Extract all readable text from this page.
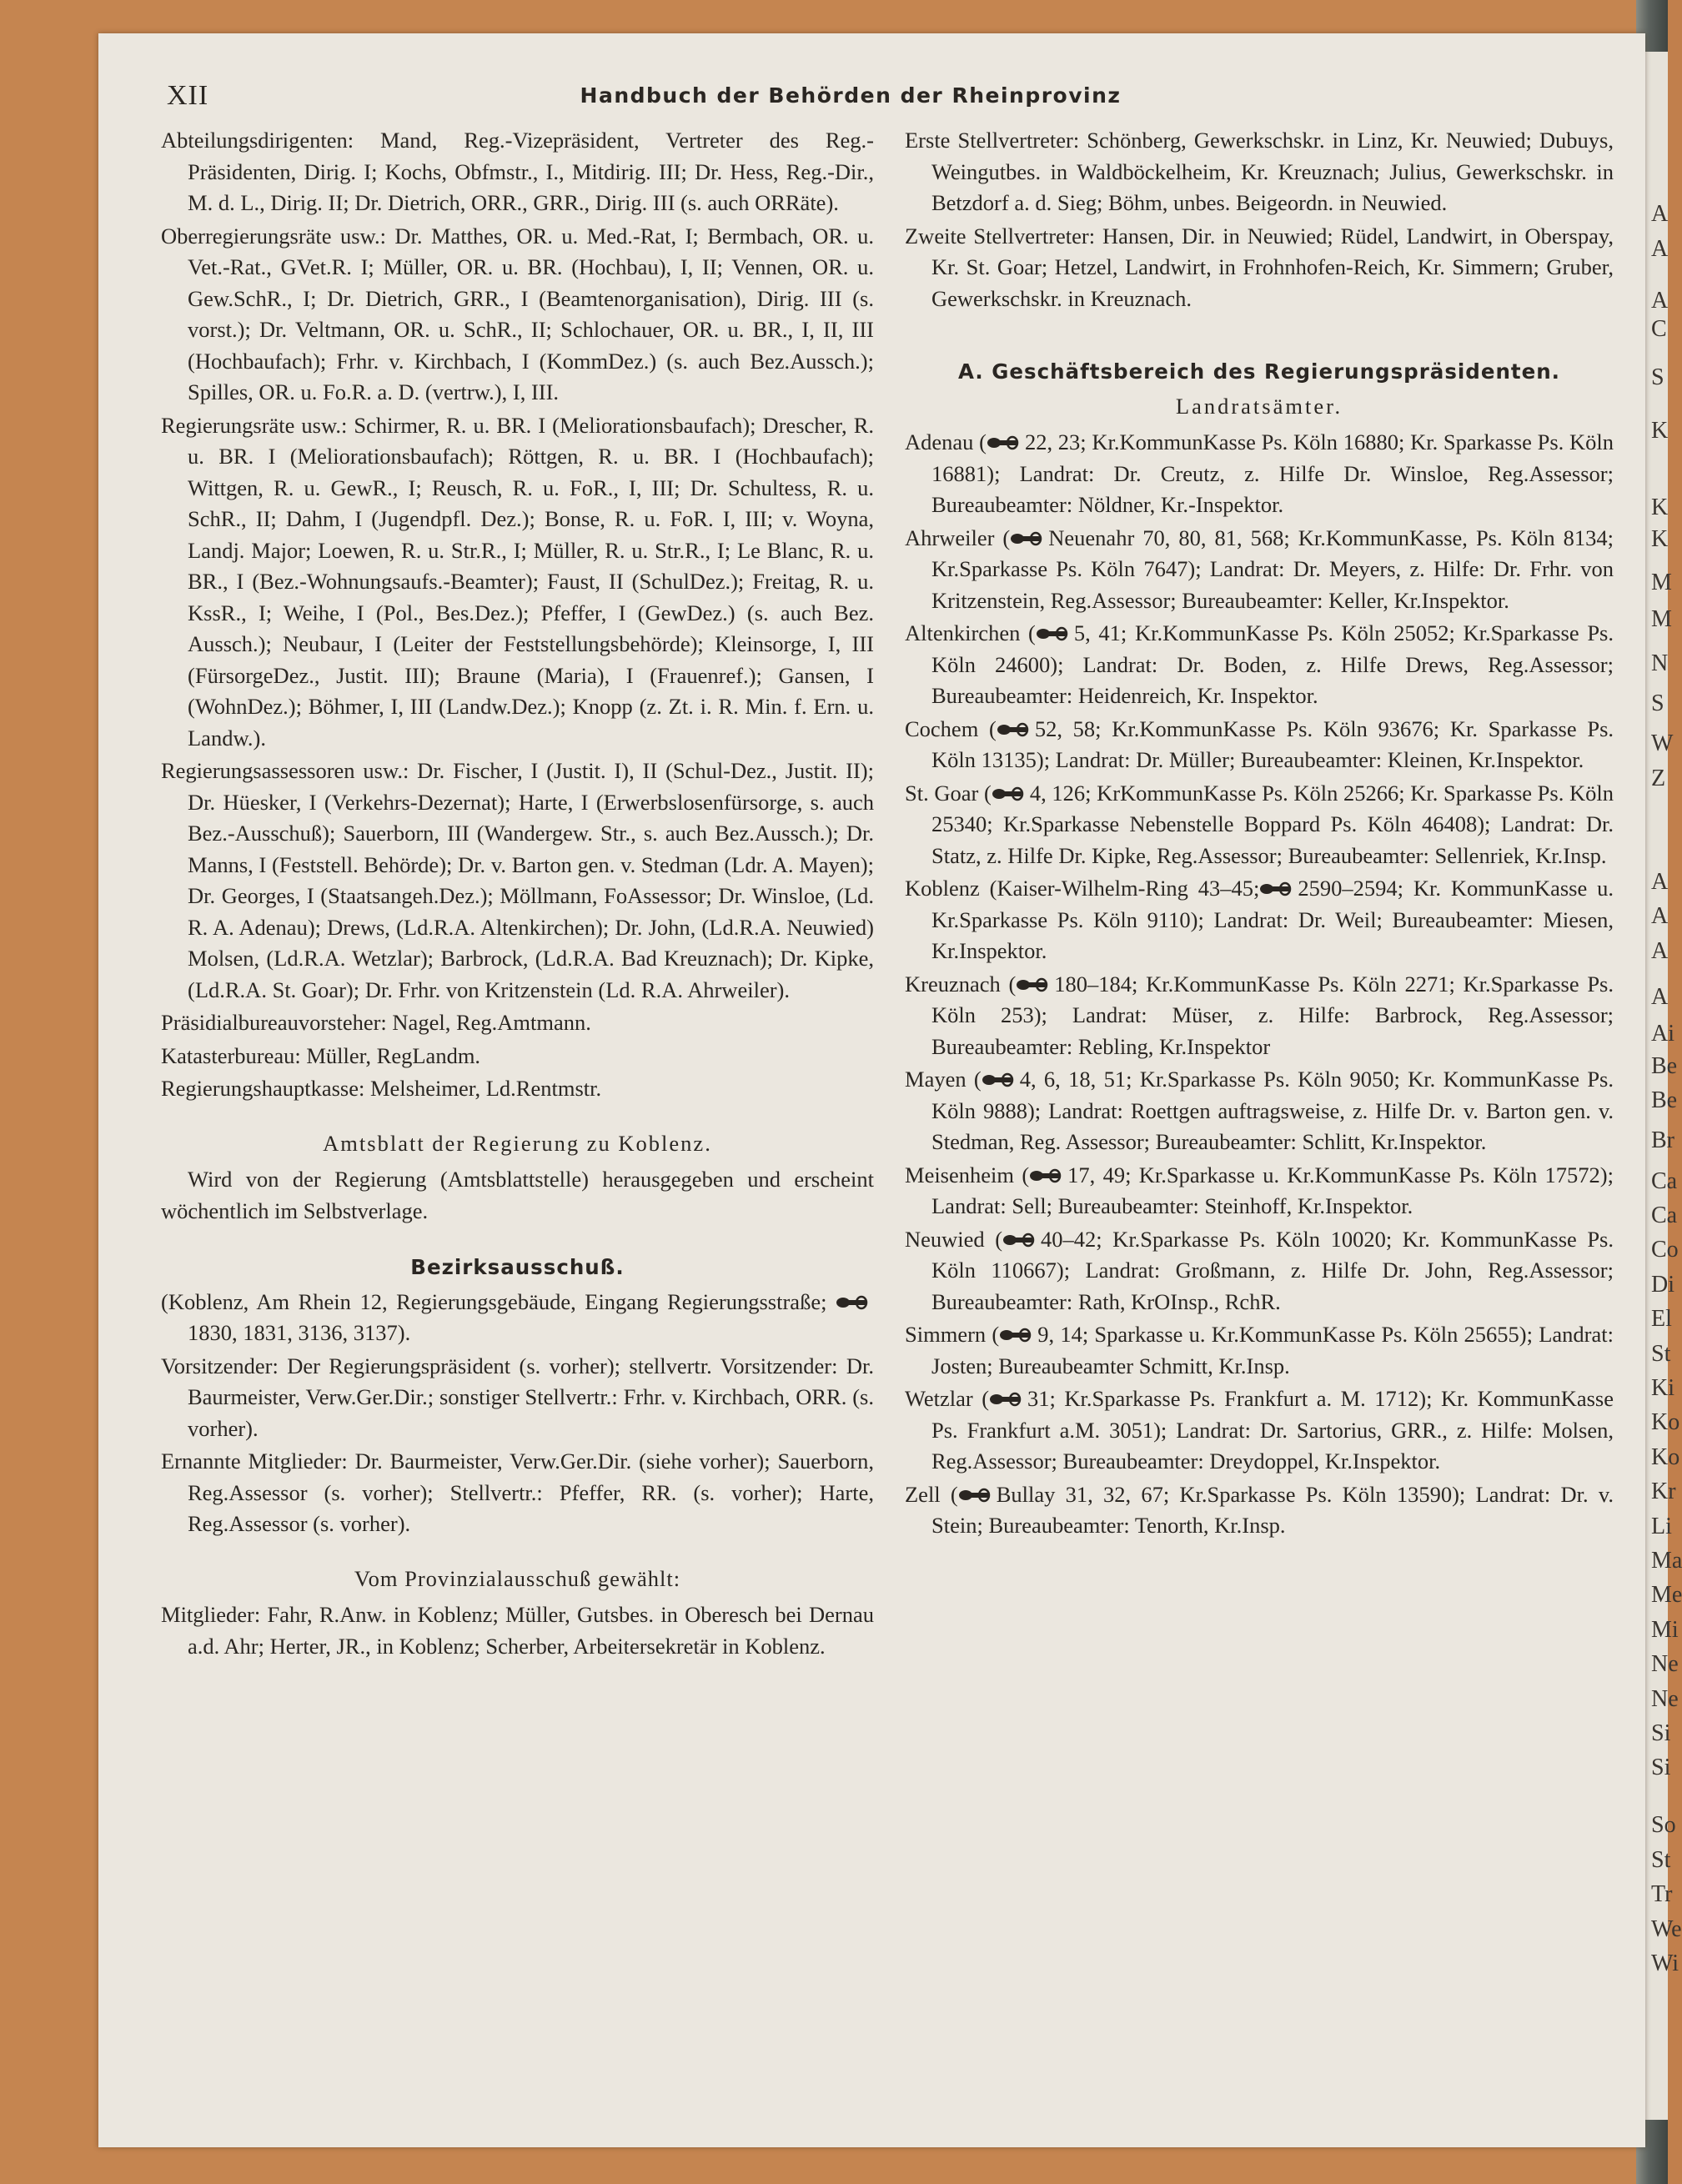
A
A
A
C
S
K
K
K
M
M
N
S
W
Z
A
A
A
A
Ai
Be
Be
Br
Ca
Ca
Co
Di
El
St
Ki
Ko
Ko
Kr
Li
Ma
Me
Mi
Ne
Ne
Si
Si
So
St
Tr
We
Wi
XII	Handbuch der Behörden der Rheinprovinz

Abteilungsdirigenten: Mand, Reg.-Vizepräsident, Vertreter des Reg.-Präsidenten, Dirig. I; Kochs, Obfmstr., I., Mitdirig. III; Dr. Hess, Reg.-Dir., M. d. L., Dirig. II; Dr. Dietrich, ORR., GRR., Dirig. III (s. auch ORRäte).

Oberregierungsräte usw.: Dr. Matthes, OR. u. Med.-Rat, I; Bermbach, OR. u. Vet.-Rat., GVet.R. I; Müller, OR. u. BR. (Hochbau), I, II; Vennen, OR. u. Gew.SchR., I; Dr. Dietrich, GRR., I (Beamtenorganisation), Dirig. III (s. vorst.); Dr. Veltmann, OR. u. SchR., II; Schlochauer, OR. u. BR., I, II, III (Hochbaufach); Frhr. v. Kirchbach, I (KommDez.) (s. auch Bez.Aussch.); Spilles, OR. u. Fo.R. a. D. (vertrw.), I, III.

Regierungsräte usw.: Schirmer, R. u. BR. I (Meliorationsbaufach); Drescher, R. u. BR. I (Meliorationsbaufach); Röttgen, R. u. BR. I (Hochbaufach); Wittgen, R. u. GewR., I; Reusch, R. u. FoR., I, III; Dr. Schultess, R. u. SchR., II; Dahm, I (Jugendpfl. Dez.); Bonse, R. u. FoR. I, III; v. Woyna, Landj. Major; Loewen, R. u. Str.R., I; Müller, R. u. Str.R., I; Le Blanc, R. u. BR., I (Bez.-Wohnungsaufs.-Beamter); Faust, II (SchulDez.); Freitag, R. u. KssR., I; Weihe, I (Pol., Bes.Dez.); Pfeffer, I (GewDez.) (s. auch Bez. Aussch.); Neubaur, I (Leiter der Feststellungsbehörde); Kleinsorge, I, III (FürsorgeDez., Justit. III); Braune (Maria), I (Frauenref.); Gansen, I (WohnDez.); Böhmer, I, III (Landw.Dez.); Knopp (z. Zt. i. R. Min. f. Ern. u. Landw.).

Regierungsassessoren usw.: Dr. Fischer, I (Justit. I), II (Schul-Dez., Justit. II); Dr. Hüesker, I (Verkehrs-Dezernat); Harte, I (Erwerbslosenfürsorge, s. auch Bez.-Ausschuß); Sauerborn, III (Wandergew. Str., s. auch Bez.Aussch.); Dr. Manns, I (Feststell. Behörde); Dr. v. Barton gen. v. Stedman (Ldr. A. Mayen); Dr. Georges, I (Staatsangeh.Dez.); Möllmann, FoAssessor; Dr. Winsloe, (Ld. R. A. Adenau); Drews, (Ld.R.A. Altenkirchen); Dr. John, (Ld.R.A. Neuwied) Molsen, (Ld.R.A. Wetzlar); Barbrock, (Ld.R.A. Bad Kreuznach); Dr. Kipke, (Ld.R.A. St. Goar); Dr. Frhr. von Kritzenstein (Ld. R.A. Ahrweiler).

Präsidialbureauvorsteher: Nagel, Reg.Amtmann.

Katasterbureau: Müller, RegLandm.

Regierungshauptkasse: Melsheimer, Ld.Rentmstr.

Amtsblatt der Regierung zu Koblenz.

Wird von der Regierung (Amtsblattstelle) herausgegeben und erscheint wöchentlich im Selbstverlage.

Bezirksausschuß.

(Koblenz, Am Rhein 12, Regierungsgebäude, Eingang Regierungsstraße; 1830, 1831, 3136, 3137).

Vorsitzender: Der Regierungspräsident (s. vorher); stellvertr. Vorsitzender: Dr. Baurmeister, Verw.Ger.Dir.; sonstiger Stellvertr.: Frhr. v. Kirchbach, ORR. (s. vorher).

Ernannte Mitglieder: Dr. Baurmeister, Verw.Ger.Dir. (siehe vorher); Sauerborn, Reg.Assessor (s. vorher); Stellvertr.: Pfeffer, RR. (s. vorher); Harte, Reg.Assessor (s. vorher).

Vom Provinzialausschuß gewählt:

Mitglieder: Fahr, R.Anw. in Koblenz; Müller, Gutsbes. in Oberesch bei Dernau a.d. Ahr; Herter, JR., in Koblenz; Scherber, Arbeitersekretär in Koblenz.

Erste Stellvertreter: Schönberg, Gewerkschskr. in Linz, Kr. Neuwied; Dubuys, Weingutbes. in Waldböckelheim, Kr. Kreuznach; Julius, Gewerkschskr. in Betzdorf a. d. Sieg; Böhm, unbes. Beigeordn. in Neuwied.

Zweite Stellvertreter: Hansen, Dir. in Neuwied; Rüdel, Landwirt, in Oberspay, Kr. St. Goar; Hetzel, Landwirt, in Frohnhofen-Reich, Kr. Simmern; Gruber, Gewerkschskr. in Kreuznach.

A. Geschäftsbereich des Regierungspräsidenten.
Landratsämter.

Adenau ( 22, 23; Kr.KommunKasse Ps. Köln 16880; Kr. Sparkasse Ps. Köln 16881); Landrat: Dr. Creutz, z. Hilfe Dr. Winsloe, Reg.Assessor; Bureaubeamter: Nöldner, Kr.-Inspektor.

Ahrweiler ( Neuenahr 70, 80, 81, 568; Kr.KommunKasse, Ps. Köln 8134; Kr.Sparkasse Ps. Köln 7647); Landrat: Dr. Meyers, z. Hilfe: Dr. Frhr. von Kritzenstein, Reg.Assessor; Bureaubeamter: Keller, Kr.Inspektor.

Altenkirchen ( 5, 41; Kr.KommunKasse Ps. Köln 25052; Kr.Sparkasse Ps. Köln 24600); Landrat: Dr. Boden, z. Hilfe Drews, Reg.Assessor; Bureaubeamter: Heidenreich, Kr. Inspektor.

Cochem ( 52, 58; Kr.KommunKasse Ps. Köln 93676; Kr. Sparkasse Ps. Köln 13135); Landrat: Dr. Müller; Bureaubeamter: Kleinen, Kr.Inspektor.

St. Goar ( 4, 126; KrKommunKasse Ps. Köln 25266; Kr. Sparkasse Ps. Köln 25340; Kr.Sparkasse Nebenstelle Boppard Ps. Köln 46408); Landrat: Dr. Statz, z. Hilfe Dr. Kipke, Reg.Assessor; Bureaubeamter: Sellenriek, Kr.Insp.

Koblenz (Kaiser-Wilhelm-Ring 43–45; 2590–2594; Kr. KommunKasse u. Kr.Sparkasse Ps. Köln 9110); Landrat: Dr. Weil; Bureaubeamter: Miesen, Kr.Inspektor.

Kreuznach ( 180–184; Kr.KommunKasse Ps. Köln 2271; Kr.Sparkasse Ps. Köln 253); Landrat: Müser, z. Hilfe: Barbrock, Reg.Assessor; Bureaubeamter: Rebling, Kr.Inspektor

Mayen ( 4, 6, 18, 51; Kr.Sparkasse Ps. Köln 9050; Kr. KommunKasse Ps. Köln 9888); Landrat: Roettgen auftragsweise, z. Hilfe Dr. v. Barton gen. v. Stedman, Reg. Assessor; Bureaubeamter: Schlitt, Kr.Inspektor.

Meisenheim ( 17, 49; Kr.Sparkasse u. Kr.KommunKasse Ps. Köln 17572); Landrat: Sell; Bureaubeamter: Steinhoff, Kr.Inspektor.

Neuwied ( 40–42; Kr.Sparkasse Ps. Köln 10020; Kr. KommunKasse Ps. Köln 110667); Landrat: Großmann, z. Hilfe Dr. John, Reg.Assessor; Bureaubeamter: Rath, KrOInsp., RchR.

Simmern ( 9, 14; Sparkasse u. Kr.KommunKasse Ps. Köln 25655); Landrat: Josten; Bureaubeamter Schmitt, Kr.Insp.

Wetzlar ( 31; Kr.Sparkasse Ps. Frankfurt a. M. 1712); Kr. KommunKasse Ps. Frankfurt a.M. 3051); Landrat: Dr. Sartorius, GRR., z. Hilfe: Molsen, Reg.Assessor; Bureaubeamter: Dreydoppel, Kr.Inspektor.

Zell ( Bullay 31, 32, 67; Kr.Sparkasse Ps. Köln 13590); Landrat: Dr. v. Stein; Bureaubeamter: Tenorth, Kr.Insp.
